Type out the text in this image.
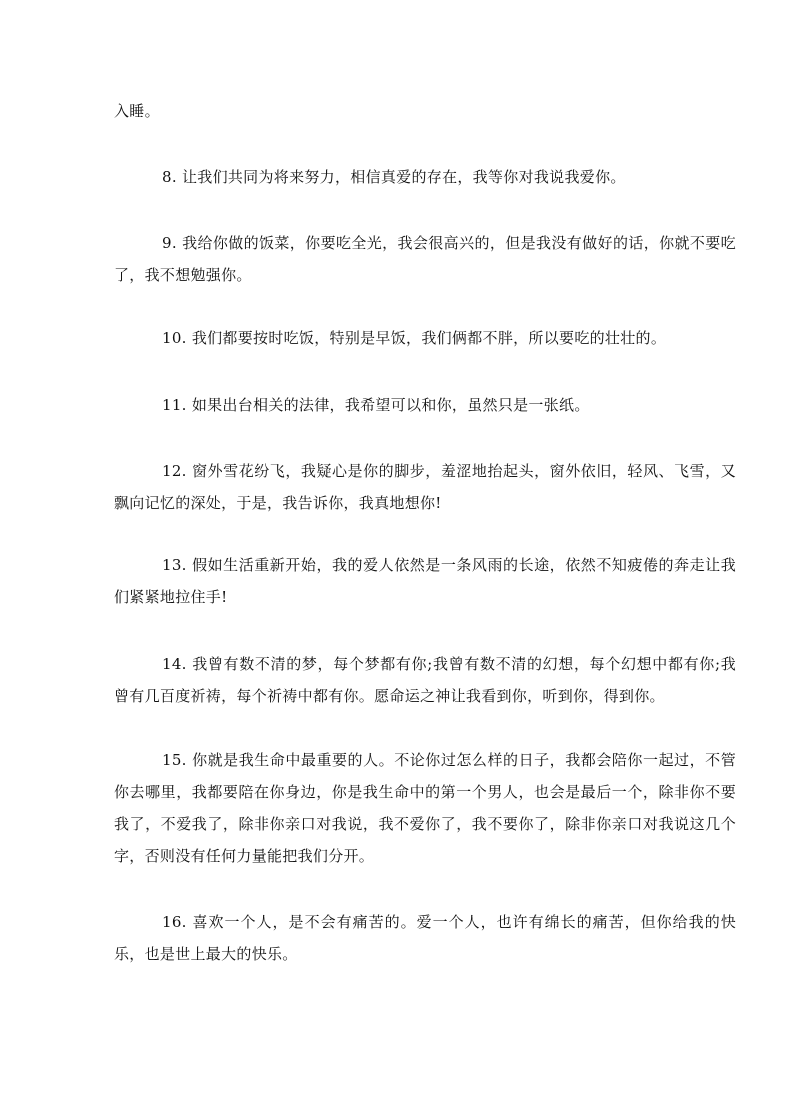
入睡。

8. 让我们共同为将来努力，相信真爱的存在，我等你对我说我爱你。

9. 我给你做的饭菜，你要吃全光，我会很高兴的，但是我没有做好的话，你就不要吃了，我不想勉强你。

10. 我们都要按时吃饭，特别是早饭，我们俩都不胖，所以要吃的壮壮的。

11. 如果出台相关的法律，我希望可以和你，虽然只是一张纸。

12. 窗外雪花纷飞，我疑心是你的脚步，羞涩地抬起头，窗外依旧，轻风、飞雪，又飘向记忆的深处，于是，我告诉你，我真地想你!

13. 假如生活重新开始，我的爱人依然是一条风雨的长途，依然不知疲倦的奔走让我们紧紧地拉住手!

14. 我曾有数不清的梦，每个梦都有你;我曾有数不清的幻想，每个幻想中都有你;我曾有几百度祈祷，每个祈祷中都有你。愿命运之神让我看到你，听到你，得到你。

15. 你就是我生命中最重要的人。不论你过怎么样的日子，我都会陪你一起过，不管你去哪里，我都要陪在你身边，你是我生命中的第一个男人，也会是最后一个，除非你不要我了，不爱我了，除非你亲口对我说，我不爱你了，我不要你了，除非你亲口对我说这几个字，否则没有任何力量能把我们分开。

16. 喜欢一个人，是不会有痛苦的。爱一个人，也许有绵长的痛苦，但你给我的快乐，也是世上最大的快乐。
